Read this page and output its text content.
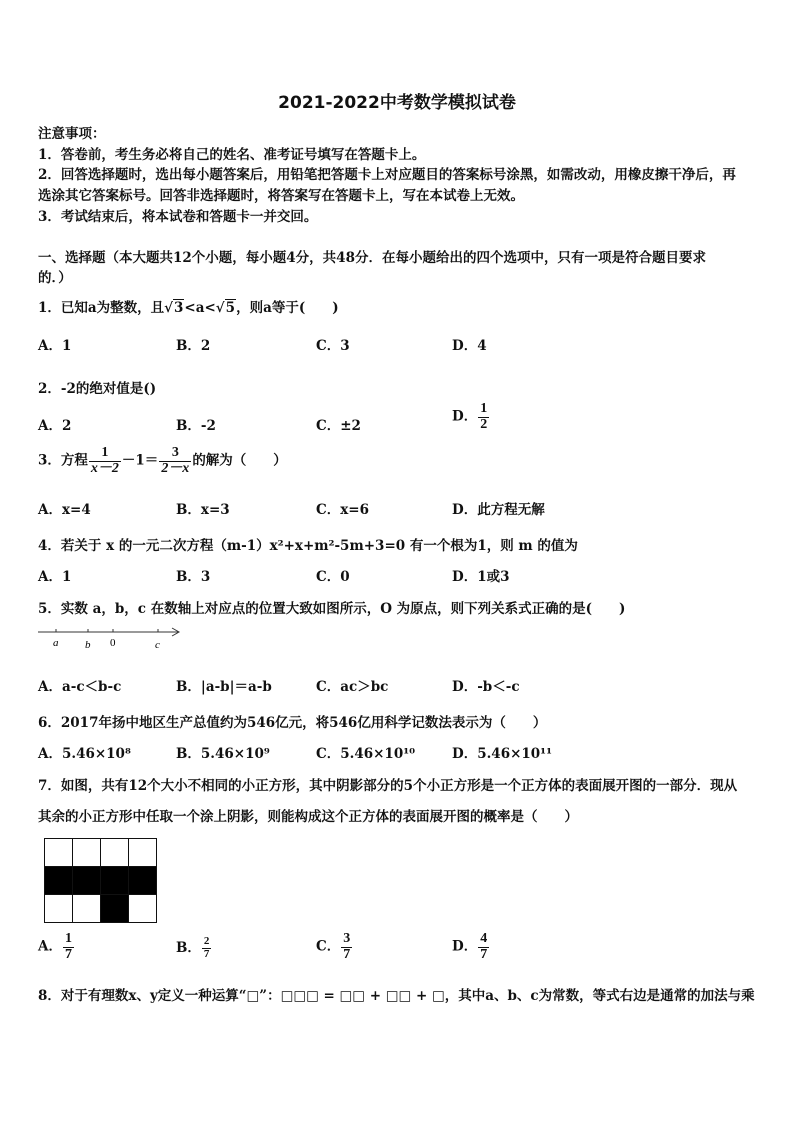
2021-2022中考数学模拟试卷
注意事项：
1．答卷前，考生务必将自己的姓名、准考证号填写在答题卡上。
2．回答选择题时，选出每小题答案后，用铅笔把答题卡上对应题目的答案标号涂黑，如需改动，用橡皮擦干净后，再
选涂其它答案标号。回答非选择题时，将答案写在答题卡上，写在本试卷上无效。
3．考试结束后，将本试卷和答题卡一并交回。
一、选择题（本大题共12个小题，每小题4分，共48分．在每小题给出的四个选项中，只有一项是符合题目要求
的．）
1．已知a为整数，且√3<a<√5，则a等于(　　)
A．1	B．2	C．3	D．4
2．-2的绝对值是()
A．2	B．-2	C．±2
D． $\frac{1}{2}$
3．方程 $\frac{1}{x-2} -1= \frac{3}{2-x}$ 的解为（　　）
A．x=4	B．x=3	C．x=6	D．此方程无解
4．若关于 x 的一元二次方程（m-1）x²+x+m²-5m+3=0 有一个根为1，则 m 的值为
A．1	B．3	C．0	D．1或3
5．实数 a，b，c 在数轴上对应点的位置大致如图所示，O 为原点，则下列关系式正确的是(　　)
a b 0	c
A．a-c＜b-c	B．|a-b|＝a-b	C．ac＞bc	D．-b＜-c
6．2017年扬中地区生产总值约为546亿元，将546亿用科学记数法表示为（　　）
A．5.46×10⁸	B．5.46×10⁹	C．5.46×10¹⁰	D．5.46×10¹¹
7．如图，共有12个大小不相同的小正方形，其中阴影部分的5个小正方形是一个正方体的表面展开图的一部分．现从
其余的小正方形中任取一个涂上阴影，则能构成这个正方体的表面展开图的概率是（　　）

A． $\frac{1}{7}$	B． $\frac{2}{7}$	C． $\frac{3}{7}$	D． $\frac{4}{7}$
8．对于有理数x、y定义一种运算“□”：□□□ = □□ + □□ + □，其中a、b、c为常数，等式右边是通常的加法与乘
